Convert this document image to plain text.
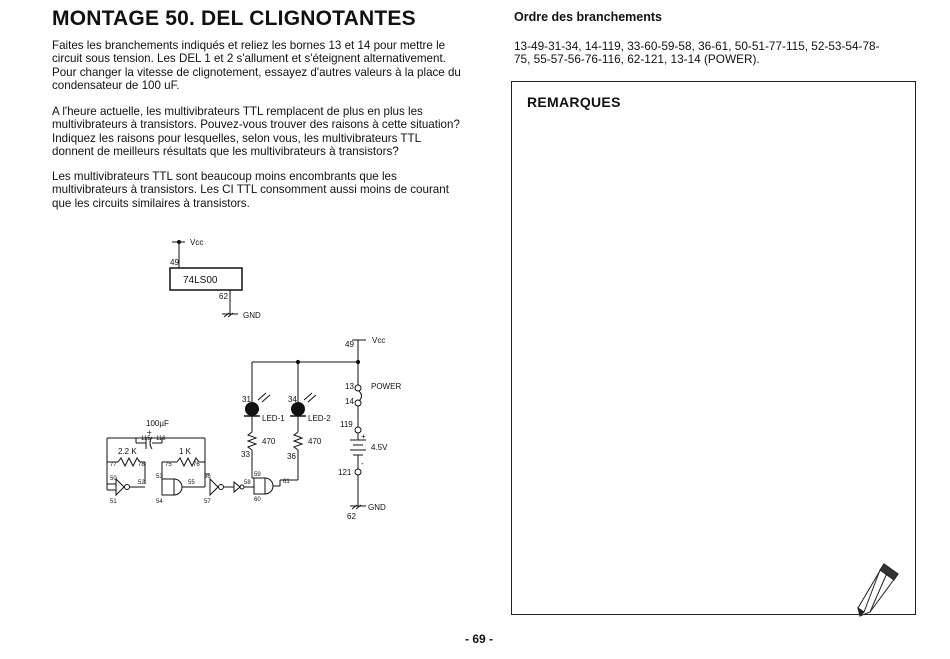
MONTAGE 50. DEL CLIGNOTANTES
Faites les branchements indiqués et reliez les bornes 13 et 14 pour mettre le circuit sous tension. Les DEL 1 et 2 s'allument et s'éteignent alternativement. Pour changer la vitesse de clignotement, essayez d'autres valeurs à la place du condensateur de 100 uF.
A l'heure actuelle, les multivibrateurs TTL remplacent de plus en plus les multivibrateurs à transistors. Pouvez-vous trouver des raisons à cette situation? Indiquez les raisons pour lesquelles, selon vous, les multivibrateurs TTL donnent de meilleurs résultats que les multivibrateurs à transistors?
Les multivibrateurs TTL sont beaucoup moins encombrants que les multivibrateurs à transistors. Les CI TTL consomment aussi moins de courant que les circuits similaires à transistors.
Ordre des branchements
13-49-31-34, 14-119, 33-60-59-58, 36-61, 50-51-77-115, 52-53-54-78-75, 55-57-56-76-116, 62-121, 13-14 (POWER).
REMARQUES
- 69 -
Vcc
49
74LS00
62
GND
Vcc
49
13 POWER
14
119
+
4.5V
-
121
GND
62
31	34
LED-1	LED-2
470	470
33	36
100µF
+
115 116
2.2 K	1 K
77	78	75	76
50
51
52
53
54
55
56
57
58
59
60
61
